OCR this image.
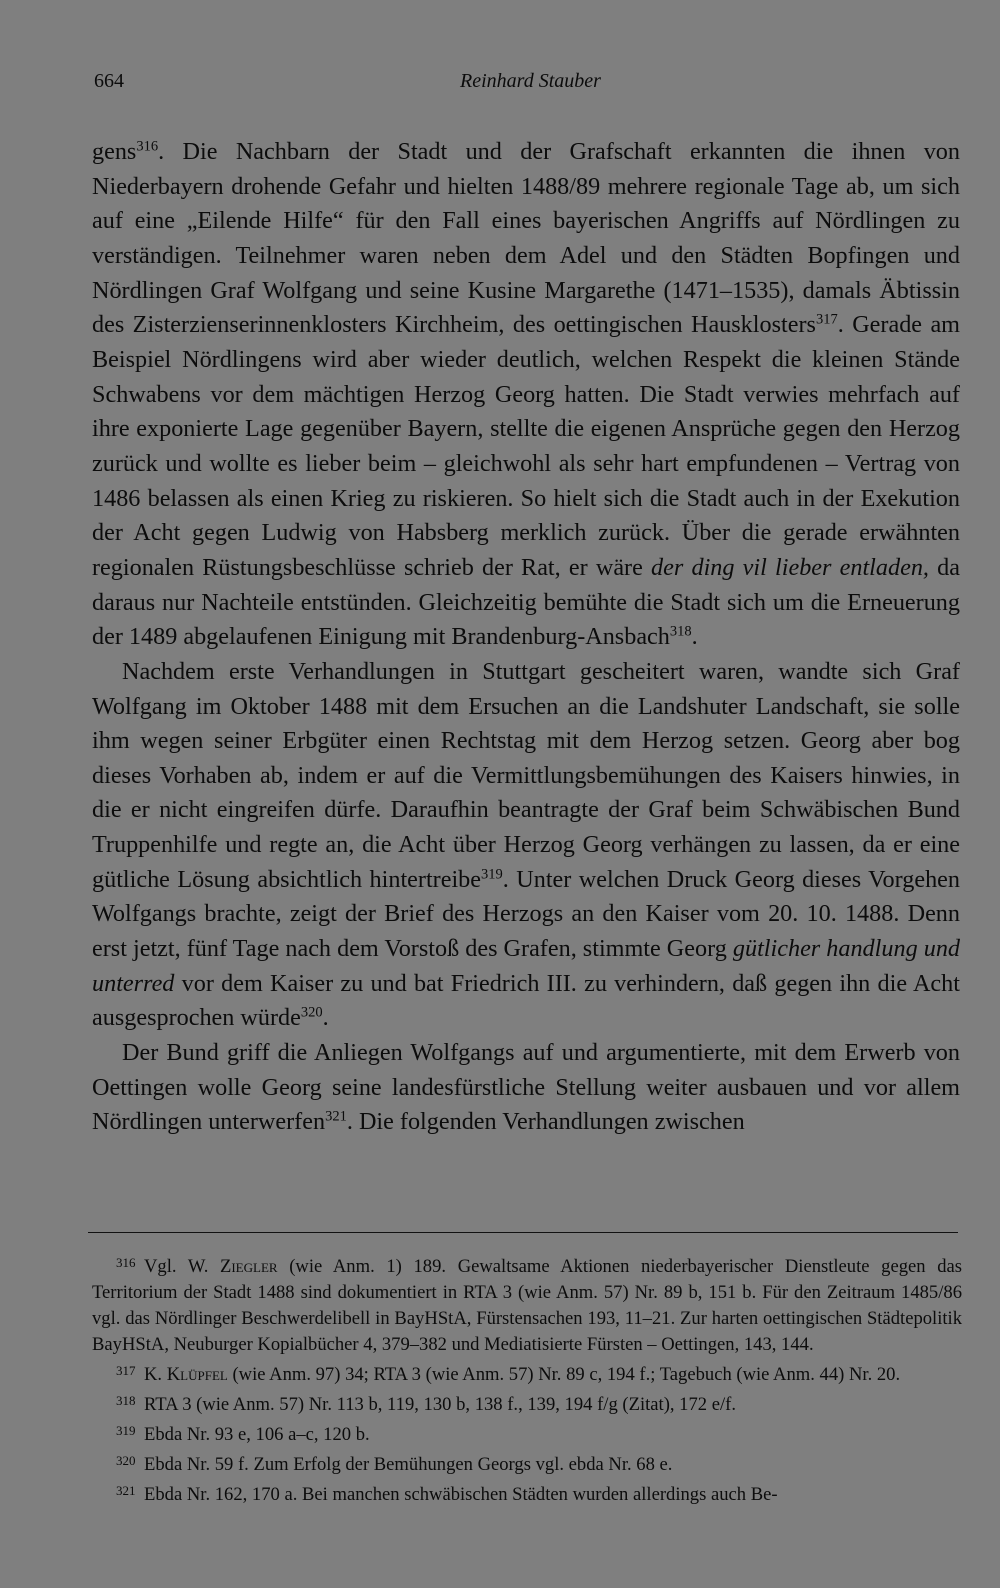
664	Reinhard Stauber

gens$^{316}$. Die Nachbarn der Stadt und der Grafschaft erkannten die ihnen von Niederbayern drohende Gefahr und hielten 1488/89 mehrere regionale Tage ab, um sich auf eine „Eilende Hilfe“ für den Fall eines bayerischen Angriffs auf Nördlingen zu verständigen. Teilnehmer waren neben dem Adel und den Städten Bopfingen und Nördlingen Graf Wolfgang und seine Kusine Margarethe (1471–1535), damals Äbtissin des Zisterzienserinnenklosters Kirchheim, des oettingischen Hausklosters$^{317}$. Gerade am Beispiel Nördlingens wird aber wieder deutlich, welchen Respekt die kleinen Stände Schwabens vor dem mächtigen Herzog Georg hatten. Die Stadt verwies mehrfach auf ihre exponierte Lage gegenüber Bayern, stellte die eigenen Ansprüche gegen den Herzog zurück und wollte es lieber beim – gleichwohl als sehr hart empfundenen – Vertrag von 1486 belassen als einen Krieg zu riskieren. So hielt sich die Stadt auch in der Exekution der Acht gegen Ludwig von Habsberg merklich zurück. Über die gerade erwähnten regionalen Rüstungsbeschlüsse schrieb der Rat, er wäre der ding vil lieber entladen, da daraus nur Nachteile entstünden. Gleichzeitig bemühte die Stadt sich um die Erneuerung der 1489 abgelaufenen Einigung mit Brandenburg-Ansbach$^{318}$.

Nachdem erste Verhandlungen in Stuttgart gescheitert waren, wandte sich Graf Wolfgang im Oktober 1488 mit dem Ersuchen an die Landshuter Landschaft, sie solle ihm wegen seiner Erbgüter einen Rechtstag mit dem Herzog setzen. Georg aber bog dieses Vorhaben ab, indem er auf die Vermittlungsbemühungen des Kaisers hinwies, in die er nicht eingreifen dürfe. Daraufhin beantragte der Graf beim Schwäbischen Bund Truppenhilfe und regte an, die Acht über Herzog Georg verhängen zu lassen, da er eine gütliche Lösung absichtlich hintertreibe$^{319}$. Unter welchen Druck Georg dieses Vorgehen Wolfgangs brachte, zeigt der Brief des Herzogs an den Kaiser vom 20. 10. 1488. Denn erst jetzt, fünf Tage nach dem Vorstoß des Grafen, stimmte Georg gütlicher handlung und unterred vor dem Kaiser zu und bat Friedrich III. zu verhindern, daß gegen ihn die Acht ausgesprochen würde$^{320}$.

Der Bund griff die Anliegen Wolfgangs auf und argumentierte, mit dem Erwerb von Oettingen wolle Georg seine landesfürstliche Stellung weiter ausbauen und vor allem Nördlingen unterwerfen$^{321}$. Die folgenden Verhandlungen zwischen

316 Vgl. W. Ziegler (wie Anm. 1) 189. Gewaltsame Aktionen niederbayerischer Dienstleute gegen das Territorium der Stadt 1488 sind dokumentiert in RTA 3 (wie Anm. 57) Nr. 89 b, 151 b. Für den Zeitraum 1485/86 vgl. das Nördlinger Beschwerdelibell in BayHStA, Fürstensachen 193, 11–21. Zur harten oettingischen Städtepolitik BayHStA, Neuburger Kopialbücher 4, 379–382 und Mediatisierte Fürsten – Oettingen, 143, 144.

317 K. Klüpfel (wie Anm. 97) 34; RTA 3 (wie Anm. 57) Nr. 89 c, 194 f.; Tagebuch (wie Anm. 44) Nr. 20.

318 RTA 3 (wie Anm. 57) Nr. 113 b, 119, 130 b, 138 f., 139, 194 f/g (Zitat), 172 e/f.

319 Ebda Nr. 93 e, 106 a–c, 120 b.

320 Ebda Nr. 59 f. Zum Erfolg der Bemühungen Georgs vgl. ebda Nr. 68 e.

321 Ebda Nr. 162, 170 a. Bei manchen schwäbischen Städten wurden allerdings auch Be-
